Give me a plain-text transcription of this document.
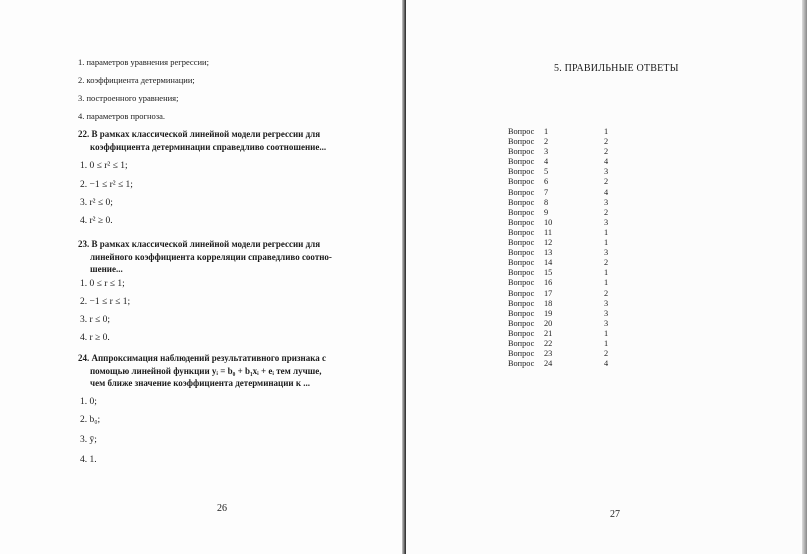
1. параметров уравнения регрессии;
2. коэффициента детерминации;
3. построенного уравнения;
4. параметров прогноза.
22. В рамках классической линейной модели регрессии для
коэффициента детерминации справедливо соотношение...
1. 0 ≤ r² ≤ 1;
2. −1 ≤ r² ≤ 1;
3. r² ≤ 0;
4. r² ≥ 0.
23. В рамках классической линейной модели регрессии для
линейного коэффициента корреляции справедливо соотно-
шение...
1. 0 ≤ r ≤ 1;
2. −1 ≤ r ≤ 1;
3. r ≤ 0;
4. r ≥ 0.
24. Аппроксимация наблюдений результативного признака с
помощью линейной функции yᵢ = b₀ + b₁xᵢ + eᵢ тем лучше,
чем ближе значение коэффициента детерминации к ...
1. 0;
2. b₀;
3. ȳ;
4. 1.
26
5. ПРАВИЛЬНЫЕ ОТВЕТЫ
Вопрос	1	1
Вопрос	2	2
Вопрос	3	2
Вопрос	4	4
Вопрос	5	3
Вопрос	6	2
Вопрос	7	4
Вопрос	8	3
Вопрос	9	2
Вопрос	10	3
Вопрос	11	1
Вопрос	12	1
Вопрос	13	3
Вопрос	14	2
Вопрос	15	1
Вопрос	16	1
Вопрос	17	2
Вопрос	18	3
Вопрос	19	3
Вопрос	20	3
Вопрос	21	1
Вопрос	22	1
Вопрос	23	2
Вопрос	24	4
27
